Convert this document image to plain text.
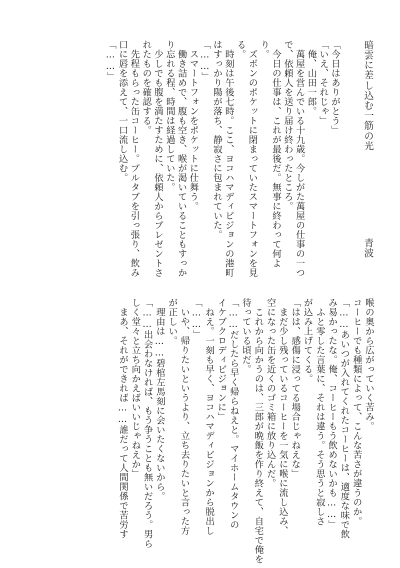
暗雲に差し込む一筋の光
青波
「今日はありがとう」
「いえ、それじゃ」
　俺、山田一郎。
　萬屋を営んでいる十九歳。今しがた萬屋の仕事の一つ
で、依頼人を送り届け終わったところ。
　今日の仕事は、これが最後だ。無事に終わって何よ
り。
　ズボンのポケットに閉まっていたスマートフォンを見
る。
　時刻は午後七時。ここ、ヨコハマディビジョンの港町
はすっかり陽が落ち、静寂さに包まれていた。
「……」
　スマートフォンをポケットに仕舞う。
　働き詰めで、腹も空き、喉が渇いていることもすっか
り忘れる程、時間は経過していた。
　少しでも腹を満たすために、依頼人からプレゼントさ
れたものを確認する。
　先程もらった缶コーヒー。プルタブを引っ張り、飲み
口に唇を添えて、一口流し込む。
「……」
喉の奥から広がっていく苦み。
コーヒーでも種類によって、こんな苦さが違うのか。
「……あいつが入れてくれたコーヒーは、適度な味で飲
み易かったな。俺、コーヒーもう飲めないかも……」
　ふと零した言葉に、それは違う。そう思うと寂しさ
が込み上げてくる。
「はは、感傷に浸ってる場合じゃねえな」
　まだ少し残っているコーヒーを一気に喉に流し込み、
空になった缶を近くのゴミ箱に放り込んだ。
　これから向かうのは、三郎が晩飯を作り終えて、自宅で俺を
待っている頃だ。
「……だしたら早く帰らねえと。マイホームタウンの
イケブクロディビジョンに」
　ねえ。一刻も早く、ヨコハマディビジョンから脱出し
「……」
　いや、帰りたいというより、立ち去りたいと言った方
が正しい。
　理由は……碧棺左馬刻に会いたくないから。
「……出会わなければ、もう争うことも無いだろう。男ら
しく堂々と立ち向かえばいいじゃねえか」
　まあ、それができれば……誰だって人間関係で苦労す
